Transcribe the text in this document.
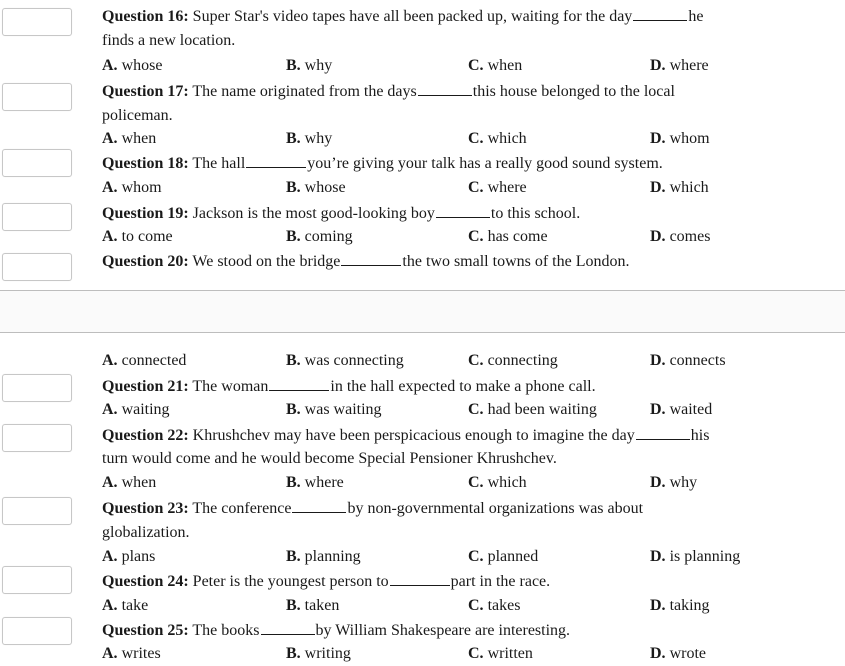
Question 16: Super Star's video tapes have all been packed up, waiting for the day	he
finds a new location.
A. whose	B. why	C. when	D. where
Question 17: The name originated from the days	this house belonged to the local
policeman.
A. when	B. why	C. which	D. whom
Question 18: The hall	you’re giving your talk has a really good sound system.
A. whom	B. whose	C. where	D. which
Question 19: Jackson is the most good-looking boy	to this school.
A. to come	B. coming	C. has come	D. comes
Question 20: We stood on the bridge	the two small towns of the London.
A. connected	B. was connecting	C. connecting	D. connects
Question 21: The woman	in the hall expected to make a phone call.
A. waiting	B. was waiting	C. had been waiting	D. waited
Question 22: Khrushchev may have been perspicacious enough to imagine the day	his
turn would come and he would become Special Pensioner Khrushchev.
A. when	B. where	C. which	D. why
Question 23: The conference	by non-governmental organizations was about
globalization.
A. plans	B. planning	C. planned	D. is planning
Question 24: Peter is the youngest person to	part in the race.
A. take	B. taken	C. takes	D. taking
Question 25: The books	by William Shakespeare are interesting.
A. writes	B. writing	C. written	D. wrote
